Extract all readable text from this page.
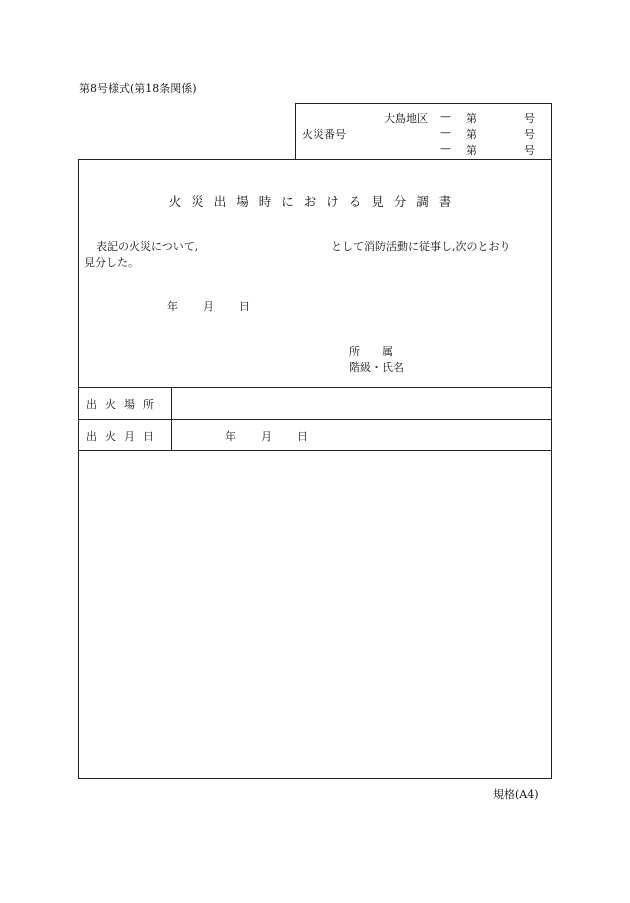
第8号様式(第18条関係)
火災番号
大島地区 — 第	号
— 第	号
— 第	号
火災出場時における見分調書
表記の火災について,	として消防活動に従事し,次のとおり
見分した。
年 月 日
所　　属
階級・氏名
出火場所
出火月日	年 月 日
規格(A4)
